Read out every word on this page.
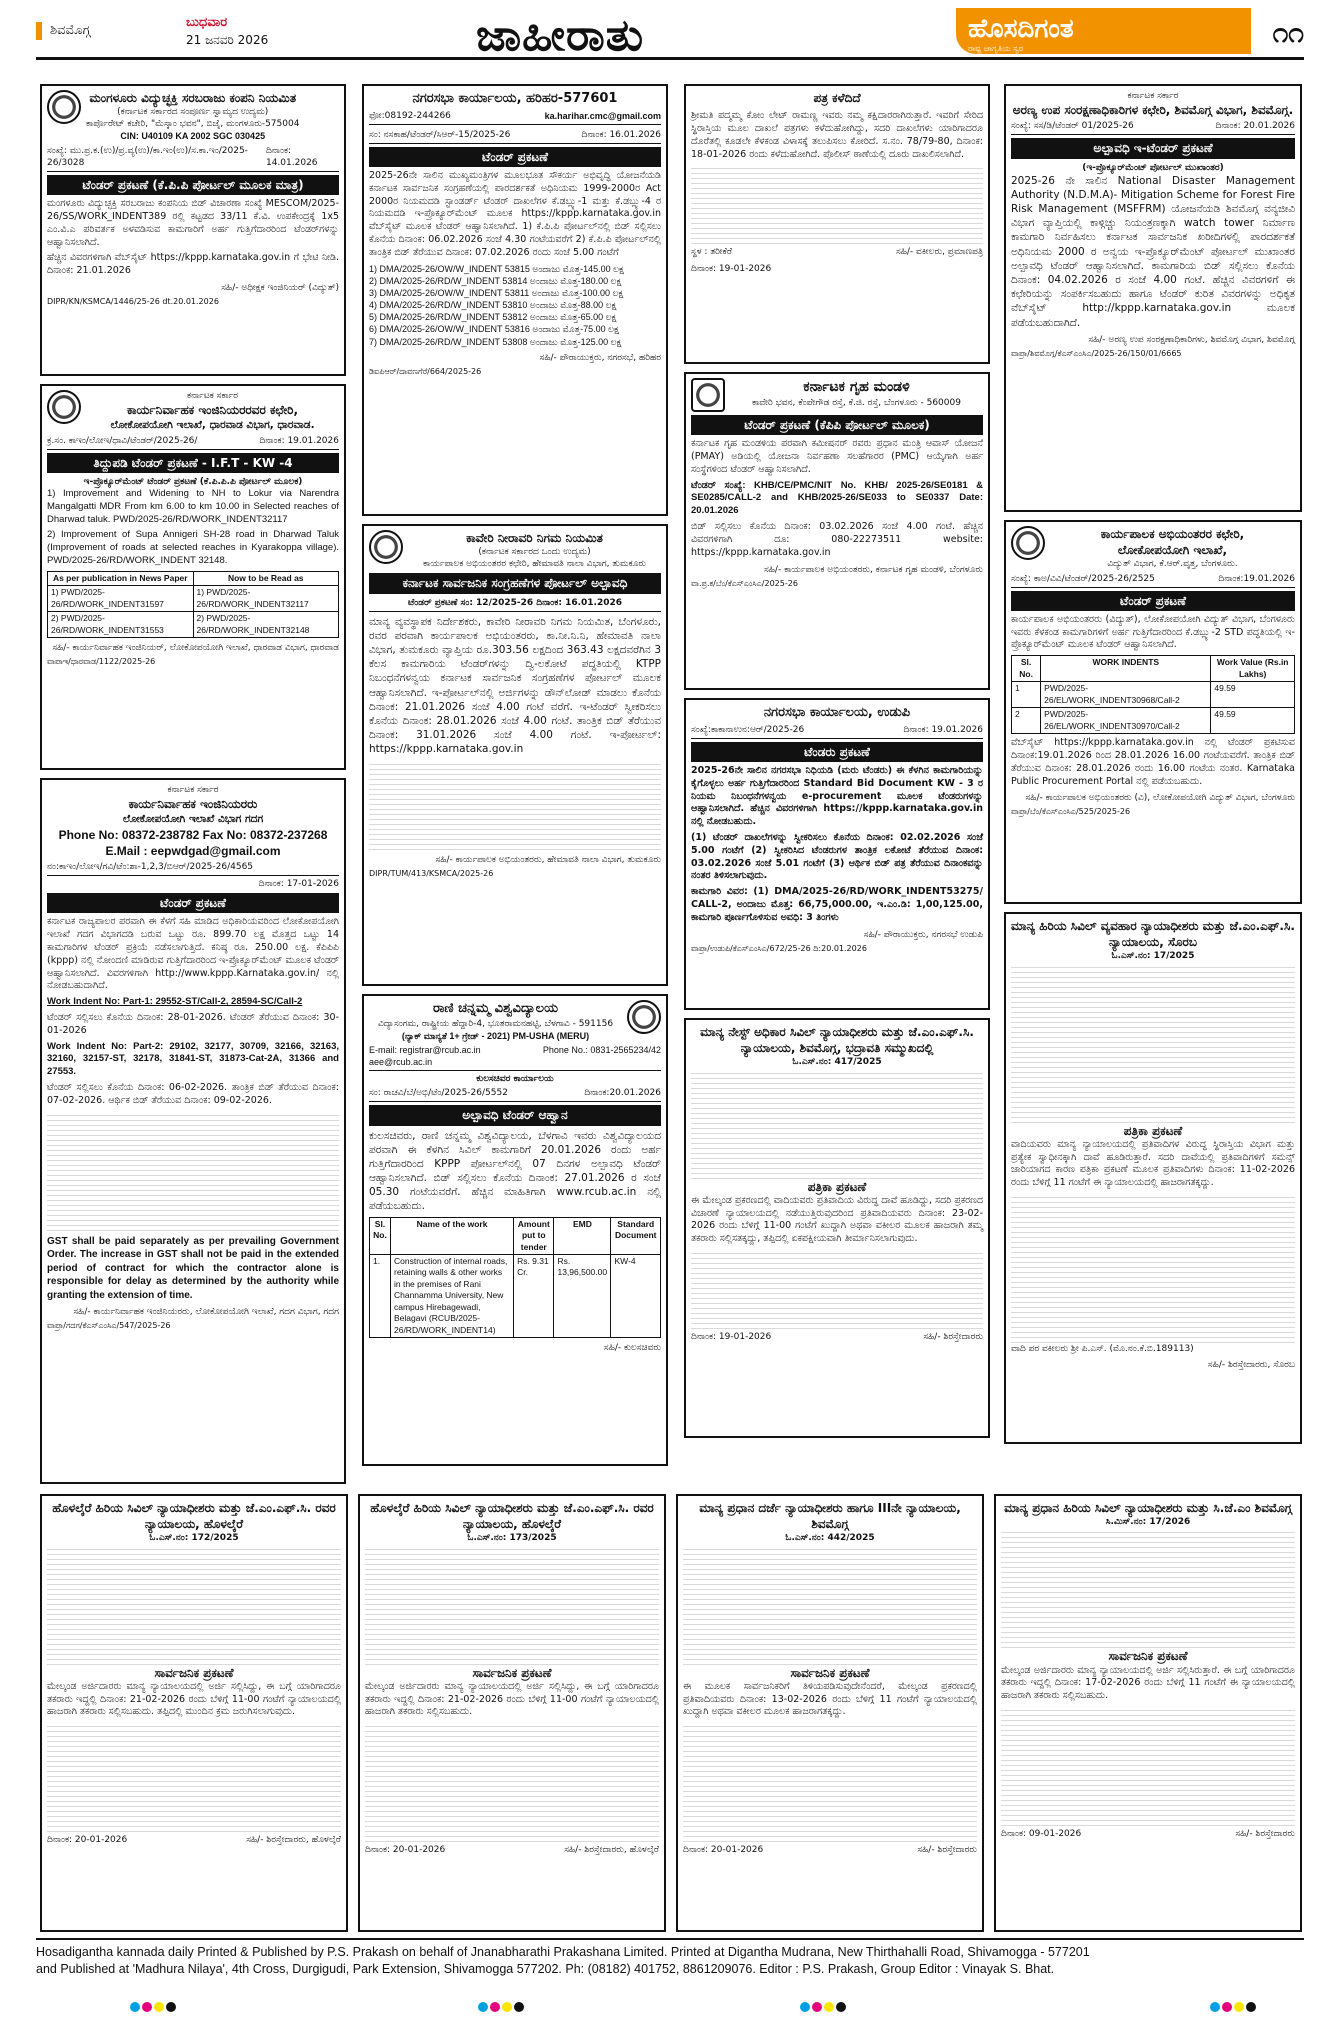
ಶಿವಮೊಗ್ಗ
ಬುಧವಾರ
21 ಜನವರಿ 2026	ಜಾಹೀರಾತು	ಹೊಸದಿಗಂತ
ರಾಷ್ಟ್ರ ಜಾಗೃತಿಯ ಸ್ವರ	೧೧
ಮಂಗಳೂರು ವಿದ್ಯುಚ್ಛಕ್ತಿ ಸರಬರಾಜು ಕಂಪನಿ ನಿಯಮಿತ
(ಕರ್ನಾಟಕ ಸರ್ಕಾರದ ಸಂಪೂರ್ಣ ಸ್ವಾಮ್ಯದ ಉದ್ಯಮ)
ಕಾರ್ಪೊರೇಟ್ ಕಚೇರಿ, "ಮೆಸ್ಕಾಂ ಭವನ", ಬಿಜೈ, ಮಂಗಳೂರು-575004
CIN: U40109 KA 2002 SGC 030425
ಸಂಖ್ಯೆ: ಮು.ಪ್ರ.ಕ.(ಉ)/ಪ್ರ.ವ್ಯ(ಉ)/ಕಾ.ಇಂ(ಉ)/ಸ.ಕಾ.ಇಂ/2025-26/3028
ದಿನಾಂಕ: 14.01.2026
ಟೆಂಡರ್ ಪ್ರಕಟಣೆ (ಕೆ.ಪಿ.ಪಿ ಪೋರ್ಟಲ್ ಮೂಲಕ ಮಾತ್ರ)

ಮಂಗಳೂರು ವಿದ್ಯುಚ್ಛಕ್ತಿ ಸರಬರಾಜು ಕಂಪನಿಯ ಬಿಡ್ ವಿಚಾರಣಾ ಸಂಖ್ಯೆ MESCOM/2025-26/SS/WORK_INDENT389 ರಲ್ಲಿ ಕಟ್ಟಡದ 33/11 ಕೆ.ವಿ. ಉಪಕೇಂದ್ರಕ್ಕೆ 1x5 ಎಂ.ವಿ.ಎ ಪರಿವರ್ತಕ ಅಳವಡಿಸುವ ಕಾಮಗಾರಿಗೆ ಅರ್ಹ ಗುತ್ತಿಗೆದಾರರಿಂದ ಟೆಂಡರ್‌ಗಳನ್ನು ಆಹ್ವಾನಿಸಲಾಗಿದೆ.

ಹೆಚ್ಚಿನ ವಿವರಗಳಿಗಾಗಿ ವೆಬ್‌ಸೈಟ್ https://kppp.karnataka.gov.in ಗೆ ಭೇಟಿ ನೀಡಿ. ದಿನಾಂಕ: 21.01.2026

ಸಹಿ/- ಅಧೀಕ್ಷಕ ಇಂಜಿನಿಯರ್ (ವಿದ್ಯುತ್)
DIPR/KN/KSMCA/1446/25-26 dt.20.01.2026
ಕರ್ನಾಟಕ ಸರ್ಕಾರ
ಕಾರ್ಯನಿರ್ವಾಹಕ ಇಂಜಿನಿಯರರವರ ಕಛೇರಿ,
ಲೋಕೋಪಯೋಗಿ ಇಲಾಖೆ, ಧಾರವಾಡ ವಿಭಾಗ, ಧಾರವಾಡ.
ಕ್ರ.ಸಂ. ಕಾಇಂ/ಲೋಇ/ಧಾವಿ/ಟೆಂಡರ್/2025-26/	ದಿನಾಂಕ: 19.01.2026
ತಿದ್ದುಪಡಿ ಟೆಂಡರ್ ಪ್ರಕಟಣೆ - I.F.T - KW -4
ಇ-ಪ್ರೊಕ್ಯೂರ್‌ಮೆಂಟ್ ಟೆಂಡರ್ ಪ್ರಕಟಣೆ (ಕೆ.ಪಿ.ಪಿ.ಪಿ ಪೋರ್ಟಲ್ ಮೂಲಕ)

1) Improvement and Widening to NH to Lokur via Narendra Mangalgatti MDR From km 6.00 to km 10.00 in Selected reaches of Dharwad taluk. PWD/2025-26/RD/WORK_INDENT32117

2) Improvement of Supa Annigeri SH-28 road in Dharwad Taluk (Improvement of roads at selected reaches in Kyarakoppa village). PWD/2025-26/RD/WORK_INDENT 32148.

As per publication in News Paper	Now to be Read as
1) PWD/2025-26/RD/WORK_INDENT31597	1) PWD/2025-26/RD/WORK_INDENT32117
2) PWD/2025-26/RD/WORK_INDENT31553	2) PWD/2025-26/RD/WORK_INDENT32148
ಸಹಿ/- ಕಾರ್ಯನಿರ್ವಾಹಕ ಇಂಜಿನಿಯರ್, ಲೋಕೋಪಯೋಗಿ ಇಲಾಖೆ, ಧಾರವಾಡ ವಿಭಾಗ, ಧಾರವಾಡ
ವಾಪಾಇ/ಧಾರವಾಡ/1122/2025-26
ಕರ್ನಾಟಕ ಸರ್ಕಾರ
ಕಾರ್ಯನಿರ್ವಾಹಕ ಇಂಜಿನಿಯರರು
ಲೋಕೋಪಯೋಗಿ ಇಲಾಖೆ ವಿಭಾಗ ಗದಗ
Phone No: 08372-238782 Fax No: 08372-237268
E.Mail : eepwdgad@gmail.com
ನಂ:ಕಾಇಂ/ಲೋಇ/ಗವಿ/ಟೆಂ:ಶಾ-1,2,3/ಬಿಆರ್/2025-26/4565
ದಿನಾಂಕ: 17-01-2026
ಟೆಂಡರ್ ಪ್ರಕಟಣೆ

ಕರ್ನಾಟಕ ರಾಜ್ಯಪಾಲರ ಪರವಾಗಿ ಈ ಕೆಳಗೆ ಸಹಿ ಮಾಡಿದ ಅಧಿಕಾರಿಯವರಿಂದ ಲೋಕೋಪಯೋಗಿ ಇಲಾಖೆ ಗದಗ ವಿಭಾಗದಡಿ ಬರುವ ಒಟ್ಟು ರೂ. 899.70 ಲಕ್ಷ ಮೊತ್ತದ ಒಟ್ಟು 14 ಕಾಮಗಾರಿಗಳ ಟೆಂಡರ್ ಪ್ರಕ್ರಿಯೆ ನಡೆಸಲಾಗುತ್ತಿದೆ. ಕನಿಷ್ಠ ರೂ. 250.00 ಲಕ್ಷ. ಕೆಪಿಪಿಪಿ (kppp) ನಲ್ಲಿ ನೋಂದಣಿ ಮಾಡಿರುವ ಗುತ್ತಿಗೆದಾರರಿಂದ ಇ-ಪ್ರೊಕ್ಯೂರ್‌ಮೆಂಟ್ ಮೂಲಕ ಟೆಂಡರ್ ಆಹ್ವಾನಿಸಲಾಗಿದೆ. ವಿವರಗಳಿಗಾಗಿ http://www.kppp.Karnataka.gov.in/ ನಲ್ಲಿ ನೋಡಬಹುದಾಗಿದೆ.

Work Indent No: Part-1: 29552-ST/Call-2, 28594-SC/Call-2

ಟೆಂಡರ್ ಸಲ್ಲಿಸಲು ಕೊನೆಯ ದಿನಾಂಕ: 28-01-2026. ಟೆಂಡರ್ ತೆರೆಯುವ ದಿನಾಂಕ: 30-01-2026

Work Indent No: Part-2: 29102, 32177, 30709, 32166, 32163, 32160, 32157-ST, 32178, 31841-ST, 31873-Cat-2A, 31366 and 27553.

ಟೆಂಡರ್ ಸಲ್ಲಿಸಲು ಕೊನೆಯ ದಿನಾಂಕ: 06-02-2026. ತಾಂತ್ರಿಕ ಬಿಡ್ ತೆರೆಯುವ ದಿನಾಂಕ: 07-02-2026. ಆರ್ಥಿಕ ಬಿಡ್ ತೆರೆಯುವ ದಿನಾಂಕ: 09-02-2026.

GST shall be paid separately as per prevailing Government Order. The increase in GST shall not be paid in the extended period of contract for which the contractor alone is responsible for delay as determined by the authority while granting the extension of time.

ಸಹಿ/- ಕಾರ್ಯನಿರ್ವಾಹಕ ಇಂಜಿನಿಯರರು, ಲೋಕೋಪಯೋಗಿ ಇಲಾಖೆ, ಗದಗ ವಿಭಾಗ, ಗದಗ
ವಾಪ್ರಾ/ಗದಗ/ಕೆಎಸ್‌ಎಂಸಿಎ/547/2025-26
ನಗರಸಭಾ ಕಾರ್ಯಾಲಯ, ಹರಿಹರ-577601
ಫೋ:08192-244266	ka.harihar.cmc@gmail.com
ಸಂ: ನಸಕಾಹ/ಟೆಂಡರ್/ಸಿಆರ್-15/2025-26	ದಿನಾಂಕ: 16.01.2026
ಟೆಂಡರ್ ಪ್ರಕಟಣೆ

2025-26ನೇ ಸಾಲಿನ ಮುಖ್ಯಮಂತ್ರಿಗಳ ಮೂಲಭೂತ ಸೌಕರ್ಯ ಅಭಿವೃದ್ಧಿ ಯೋಜನೆಯಡಿ ಕರ್ನಾಟಕ ಸಾರ್ವಜನಿಕ ಸಂಗ್ರಹಣೆಯಲ್ಲಿ ಪಾರದರ್ಶಕತೆ ಅಧಿನಿಯಮ 1999-2000ರ Act 2000ರ ನಿಯಮದಡಿ ಸ್ಟಾಂಡರ್ಡ್ ಟೆಂಡರ್ ದಾಖಲೆಗಳ ಕೆ.ಡಬ್ಲ್ಯು-1 ಮತ್ತು ಕೆ.ಡಬ್ಲ್ಯು-4 ರ ನಿಯಮದಡಿ ಇ-ಪ್ರೊಕ್ಯೂರ್‌ಮೆಂಟ್ ಮೂಲಕ https://kppp.karnataka.gov.in ವೆಬ್‌ಸೈಟ್ ಮೂಲಕ ಟೆಂಡರ್ ಆಹ್ವಾನಿಸಲಾಗಿದೆ. 1) ಕೆ.ಪಿ.ಪಿ ಪೋರ್ಟಲ್‌ನಲ್ಲಿ ಬಿಡ್ ಸಲ್ಲಿಸಲು ಕೊನೆಯ ದಿನಾಂಕ: 06.02.2026 ಸಂಜೆ 4.30 ಗಂಟೆಯವರೆಗೆ 2) ಕೆ.ಪಿ.ಪಿ ಪೋರ್ಟಲ್‌ನಲ್ಲಿ ತಾಂತ್ರಿಕ ಬಿಡ್ ತೆರೆಯುವ ದಿನಾಂಕ: 07.02.2026 ರಂದು ಸಂಜೆ 5.00 ಗಂಟೆಗೆ

1) DMA/2025-26/OW/W_INDENT 53815 ಅಂದಾಜು ಮೊತ್ತ-145.00 ಲಕ್ಷ
2) DMA/2025-26/RD/W_INDENT 53814 ಅಂದಾಜು ಮೊತ್ತ-180.00 ಲಕ್ಷ
3) DMA/2025-26/OW/W_INDENT 53811 ಅಂದಾಜು ಮೊತ್ತ-100.00 ಲಕ್ಷ
4) DMA/2025-26/RD/W_INDENT 53810 ಅಂದಾಜು ಮೊತ್ತ-88.00 ಲಕ್ಷ
5) DMA/2025-26/RD/W_INDENT 53812 ಅಂದಾಜು ಮೊತ್ತ-65.00 ಲಕ್ಷ
6) DMA/2025-26/OW/W_INDENT 53816 ಅಂದಾಜು ಮೊತ್ತ-75.00 ಲಕ್ಷ
7) DMA/2025-26/RD/W_INDENT 53808 ಅಂದಾಜು ಮೊತ್ತ-125.00 ಲಕ್ಷ
ಸಹಿ/- ಪೌರಾಯುಕ್ತರು, ನಗರಸಭೆ, ಹರಿಹರ
ಡಿಐಪಿಆರ್/ದಾವಣಗೆರೆ/664/2025-26
ಕಾವೇರಿ ನೀರಾವರಿ ನಿಗಮ ನಿಯಮಿತ
(ಕರ್ನಾಟಕ ಸರ್ಕಾರದ ಒಂದು ಉದ್ಯಮ)
ಕಾರ್ಯಪಾಲಕ ಅಭಿಯಂತರರ ಕಛೇರಿ, ಹೇಮಾವತಿ ನಾಲಾ ವಿಭಾಗ, ತುಮಕೂರು
ಕರ್ನಾಟಕ ಸಾರ್ವಜನಿಕ ಸಂಗ್ರಹಣೆಗಳ ಪೋರ್ಟಲ್ ಅಲ್ಪಾವಧಿ
ಟೆಂಡರ್ ಪ್ರಕಟಣೆ ಸಂ: 12/2025-26 ದಿನಾಂಕ: 16.01.2026

ಮಾನ್ಯ ವ್ಯವಸ್ಥಾಪಕ ನಿರ್ದೇಶಕರು, ಕಾವೇರಿ ನೀರಾವರಿ ನಿಗಮ ನಿಯಮಿತ, ಬೆಂಗಳೂರು, ರವರ ಪರವಾಗಿ ಕಾರ್ಯಪಾಲಕ ಅಭಿಯಂತರರು, ಕಾ.ನೀ.ನಿ.ನಿ, ಹೇಮಾವತಿ ನಾಲಾ ವಿಭಾಗ, ತುಮಕೂರು ವ್ಯಾಪ್ತಿಯ ರೂ.303.56 ಲಕ್ಷದಿಂದ 363.43 ಲಕ್ಷದವರೆಗಿನ 3 ಕೆಲಸ ಕಾಮಗಾರಿಯ ಟೆಂಡರ್‌ಗಳನ್ನು ದ್ವಿ-ಲಕೋಟೆ ಪದ್ಧತಿಯಲ್ಲಿ KTPP ನಿಬಂಧನೆಗಳನ್ವಯ ಕರ್ನಾಟಕ ಸಾರ್ವಜನಿಕ ಸಂಗ್ರಹಣೆಗಳ ಪೋರ್ಟಲ್ ಮೂಲಕ ಆಹ್ವಾನಿಸಲಾಗಿದೆ. ಇ-ಪೋರ್ಟಲ್‌ನಲ್ಲಿ ಅರ್ಜಿಗಳನ್ನು ಡೌನ್‌ಲೋಡ್ ಮಾಡಲು ಕೊನೆಯ ದಿನಾಂಕ: 21.01.2026 ಸಂಜೆ 4.00 ಗಂಟೆ ವರೆಗೆ. ಇ-ಟೆಂಡರ್ ಸ್ವೀಕರಿಸಲು ಕೊನೆಯ ದಿನಾಂಕ: 28.01.2026 ಸಂಜೆ 4.00 ಗಂಟೆ. ತಾಂತ್ರಿಕ ಬಿಡ್ ತೆರೆಯುವ ದಿನಾಂಕ: 31.01.2026 ಸಂಜೆ 4.00 ಗಂಟೆ. ಇ-ಪೋರ್ಟಲ್: https://kppp.karnataka.gov.in

ಸಹಿ/- ಕಾರ್ಯಪಾಲಕ ಅಭಿಯಂತರರು, ಹೇಮಾವತಿ ನಾಲಾ ವಿಭಾಗ, ತುಮಕೂರು
DIPR/TUM/413/KSMCA/2025-26
ರಾಣಿ ಚನ್ನಮ್ಮ ವಿಶ್ವವಿದ್ಯಾಲಯ
ವಿದ್ಯಾಸಂಗಮ, ರಾಷ್ಟ್ರೀಯ ಹೆದ್ದಾರಿ-4, ಭೂತರಾಮನಹಟ್ಟಿ, ಬೆಳಗಾವಿ - 591156
(ನ್ಯಾಕ್ ಮಾನ್ಯತೆ 1+ ಗ್ರೇಡ್ - 2021) PM-USHA (MERU)
E-mail: registrar@rcub.ac.in
aee@rcub.ac.in
Phone No.: 0831-2565234/42
ಕುಲಸಚಿವರ ಕಾರ್ಯಾಲಯ
ಸಂ: ರಾಚವಿ/ಬೆ/ಅಭಿ/ಟೆಂ/2025-26/5552	ದಿನಾಂಕ:20.01.2026
ಅಲ್ಪಾವಧಿ ಟೆಂಡರ್ ಆಹ್ವಾನ

ಕುಲಸಚಿವರು, ರಾಣಿ ಚನ್ನಮ್ಮ ವಿಶ್ವವಿದ್ಯಾಲಯ, ಬೆಳಗಾವಿ ಇವರು ವಿಶ್ವವಿದ್ಯಾಲಯದ ಪರವಾಗಿ ಈ ಕೆಳಗಿನ ಸಿವಿಲ್ ಕಾಮಗಾರಿಗೆ 20.01.2026 ರಂದು ಅರ್ಹ ಗುತ್ತಿಗೆದಾರರಿಂದ KPPP ಪೋರ್ಟಲ್‌ನಲ್ಲಿ 07 ದಿನಗಳ ಅಲ್ಪಾವಧಿ ಟೆಂಡರ್ ಆಹ್ವಾನಿಸಲಾಗಿದೆ. ಬಿಡ್ ಸಲ್ಲಿಸಲು ಕೊನೆಯ ದಿನಾಂಕ: 27.01.2026 ರ ಸಂಜೆ 05.30 ಗಂಟೆಯವರೆಗೆ. ಹೆಚ್ಚಿನ ಮಾಹಿತಿಗಾಗಿ www.rcub.ac.in ನಲ್ಲಿ ಪಡೆಯಬಹುದು.

Sl. No.	Name of the work	Amount put to tender	EMD	Standard Document
1.	Construction of internal roads, retaining walls & other works in the premises of Rani Channamma University, New campus Hirebagewadi, Belagavi (RCUB/2025-26/RD/WORK_INDENT14)	Rs. 9.31 Cr.	Rs. 13,96,500.00	KW-4
ಸಹಿ/- ಕುಲಸಚಿವರು
ಪತ್ರ ಕಳೆದಿದೆ

ಶ್ರೀಮತಿ ಪದ್ಮಮ್ಮ ಕೋಂ ಲೇಟ್ ರಾಮಣ್ಣ ಇವರು ನಮ್ಮ ಕಕ್ಷಿದಾರರಾಗಿರುತ್ತಾರೆ. ಇವರಿಗೆ ಸೇರಿದ ಸ್ಥಿರಾಸ್ತಿಯ ಮೂಲ ದಾಖಲೆ ಪತ್ರಗಳು ಕಳೆದುಹೋಗಿದ್ದು, ಸದರಿ ದಾಖಲೆಗಳು ಯಾರಿಗಾದರೂ ದೊರೆತಲ್ಲಿ ಕೂಡಲೇ ಕೆಳಕಂಡ ವಿಳಾಸಕ್ಕೆ ತಲುಪಿಸಲು ಕೋರಿದೆ. ಸ.ನಂ. 78/79-80, ದಿನಾಂಕ: 18-01-2026 ರಂದು ಕಳೆದುಹೋಗಿದೆ. ಪೊಲೀಸ್ ಠಾಣೆಯಲ್ಲಿ ದೂರು ದಾಖಲಿಸಲಾಗಿದೆ.

ಸ್ಥಳ : ತರೀಕೆರೆ	ಸಹಿ/- ವಕೀಲರು, ಪ್ರಮಾಣಪತ್ರಿ
ದಿನಾಂಕ: 19-01-2026
ಕರ್ನಾಟಕ ಗೃಹ ಮಂಡಳಿ
ಕಾವೇರಿ ಭವನ, ಕೆಂಪೇಗೌಡ ರಸ್ತೆ, ಕೆ.ಜಿ. ರಸ್ತೆ, ಬೆಂಗಳೂರು - 560009
ಟೆಂಡರ್ ಪ್ರಕಟಣೆ (ಕೆಪಿಪಿ ಪೋರ್ಟಲ್ ಮೂಲಕ)

ಕರ್ನಾಟಕ ಗೃಹ ಮಂಡಳಿಯ ಪರವಾಗಿ ಕಮೀಷನರ್ ರವರು ಪ್ರಧಾನ ಮಂತ್ರಿ ಆವಾಸ್ ಯೋಜನೆ (PMAY) ಅಡಿಯಲ್ಲಿ ಯೋಜನಾ ನಿರ್ವಹಣಾ ಸಲಹೆಗಾರರ (PMC) ಆಯ್ಕೆಗಾಗಿ ಅರ್ಹ ಸಂಸ್ಥೆಗಳಿಂದ ಟೆಂಡರ್ ಆಹ್ವಾನಿಸಲಾಗಿದೆ.

ಟೆಂಡರ್ ಸಂಖ್ಯೆ: KHB/CE/PMC/NIT No. KHB/ 2025-26/SE0181 & SE0285/CALL-2 and KHB/2025-26/SE033 to SE0337 Date: 20.01.2026

ಬಿಡ್ ಸಲ್ಲಿಸಲು ಕೊನೆಯ ದಿನಾಂಕ: 03.02.2026 ಸಂಜೆ 4.00 ಗಂಟೆ. ಹೆಚ್ಚಿನ ವಿವರಗಳಿಗಾಗಿ ದೂ: 080-22273511 website: https://kppp.karnataka.gov.in

ಸಹಿ/- ಕಾರ್ಯಪಾಲಕ ಅಭಿಯಂತರರು, ಕರ್ನಾಟಕ ಗೃಹ ಮಂಡಳಿ, ಬೆಂಗಳೂರು
ವಾ.ಪ್ರ.ಕ/ಬೆಂ/ಕೆಎಸ್‌ಎಂಸಿಎ/2025-26
ನಗರಸಭಾ ಕಾರ್ಯಾಲಯ, ಉಡುಪಿ
ಸಂಖ್ಯೆ:ಕಾಕಾನಾಉನ:ಆರ್/2025-26	ದಿನಾಂಕ: 19.01.2026
ಟೆಂಡರು ಪ್ರಕಟಣೆ

2025-26ನೇ ಸಾಲಿನ ನಗರಸಭಾ ನಿಧಿಯಡಿ (ಮರು ಟೆಂಡರು) ಈ ಕೆಳಗಿನ ಕಾಮಗಾರಿಯನ್ನು ಕೈಗೊಳ್ಳಲು ಅರ್ಹ ಗುತ್ತಿಗೆದಾರರಿಂದ Standard Bid Document KW - 3 ರ ನಿಯಮ ನಿಬಂಧನೆಗಳನ್ವಯ e-procurement ಮೂಲಕ ಟೆಂಡರುಗಳನ್ನು ಆಹ್ವಾನಿಸಲಾಗಿದೆ. ಹೆಚ್ಚಿನ ವಿವರಗಳಿಗಾಗಿ https://kppp.karnataka.gov.in ನಲ್ಲಿ ನೋಡಬಹುದು.

(1) ಟೆಂಡರ್ ದಾಖಲೆಗಳನ್ನು ಸ್ವೀಕರಿಸಲು ಕೊನೆಯ ದಿನಾಂಕ: 02.02.2026 ಸಂಜೆ 5.00 ಗಂಟೆಗೆ (2) ಸ್ವೀಕರಿಸಿದ ಟೆಂಡರುಗಳ ತಾಂತ್ರಿಕ ಲಕೋಟೆ ತೆರೆಯುವ ದಿನಾಂಕ: 03.02.2026 ಸಂಜೆ 5.01 ಗಂಟೆಗೆ (3) ಆರ್ಥಿಕ ಬಿಡ್ ಪತ್ರ ತೆರೆಯುವ ದಿನಾಂಕವನ್ನು ನಂತರ ತಿಳಿಸಲಾಗುವುದು.

ಕಾಮಗಾರಿ ವಿವರ: (1) DMA/2025-26/RD/WORK_INDENT53275/ CALL-2, ಅಂದಾಜು ಮೊತ್ತ: 66,75,000.00, ಇ.ಎಂ.ಡಿ: 1,00,125.00, ಕಾಮಗಾರಿ ಪೂರ್ಣಗೊಳಿಸುವ ಅವಧಿ: 3 ತಿಂಗಳು

ಸಹಿ/- ಪೌರಾಯುಕ್ತರು, ನಗರಸಭೆ ಉಡುಪಿ
ವಾಪ್ರಾ/ಉಡುಪಿ/ಕೆಎಸ್‌ಎಂಸಿಎ/672/25-26 ದಿ:20.01.2026
ಮಾನ್ಯ ನೇಸ್ಟ್ ಅಧಿಕಾರ ಸಿವಿಲ್ ನ್ಯಾಯಾಧೀಶರು ಮತ್ತು ಜೆ.ಎಂ.ಎಫ್.ಸಿ. ನ್ಯಾಯಾಲಯ, ಶಿವಮೊಗ್ಗ, ಭದ್ರಾವತಿ ಸಮ್ಮುಖದಲ್ಲಿ
ಓ.ಎಸ್.ನಂ: 417/2025
ಪತ್ರಿಕಾ ಪ್ರಕಟಣೆ

ಈ ಮೇಲ್ಕಂಡ ಪ್ರಕರಣದಲ್ಲಿ ವಾದಿಯವರು ಪ್ರತಿವಾದಿಯ ವಿರುದ್ಧ ದಾವೆ ಹೂಡಿದ್ದು, ಸದರಿ ಪ್ರಕರಣದ ವಿಚಾರಣೆ ನ್ಯಾಯಾಲಯದಲ್ಲಿ ನಡೆಯುತ್ತಿರುವುದರಿಂದ ಪ್ರತಿವಾದಿಯವರು ದಿನಾಂಕ: 23-02-2026 ರಂದು ಬೆಳಿಗ್ಗೆ 11-00 ಗಂಟೆಗೆ ಖುದ್ದಾಗಿ ಅಥವಾ ವಕೀಲರ ಮೂಲಕ ಹಾಜರಾಗಿ ತಮ್ಮ ತಕರಾರು ಸಲ್ಲಿಸತಕ್ಕದ್ದು, ತಪ್ಪಿದಲ್ಲಿ ಏಕಪಕ್ಷೀಯವಾಗಿ ತೀರ್ಮಾನಿಸಲಾಗುವುದು.

ದಿನಾಂಕ: 19-01-2026	ಸಹಿ/- ಶಿರಸ್ತೇದಾರರು
ಕರ್ನಾಟಕ ಸರ್ಕಾರ
ಅರಣ್ಯ ಉಪ ಸಂರಕ್ಷಣಾಧಿಕಾರಿಗಳ ಕಛೇರಿ, ಶಿವಮೊಗ್ಗ ವಿಭಾಗ, ಶಿವಮೊಗ್ಗ.
ಸಂಖ್ಯೆ: ಸಸ/ಡಿ/ಟೆಂಡರ್ 01/2025-26	ದಿನಾಂಕ: 20.01.2026
ಅಲ್ಪಾವಧಿ ಇ-ಟೆಂಡರ್ ಪ್ರಕಟಣೆ
(ಇ-ಪ್ರೊಕ್ಯೂರ್‌ಮೆಂಟ್ ಪೋರ್ಟಲ್ ಮುಖಾಂತರ)

2025-26 ನೇ ಸಾಲಿನ National Disaster Management Authority (N.D.M.A)- Mitigation Scheme for Forest Fire Risk Management (MSFFRM) ಯೋಜನೆಯಡಿ ಶಿವಮೊಗ್ಗ ವನ್ಯಜೀವಿ ವಿಭಾಗ ವ್ಯಾಪ್ತಿಯಲ್ಲಿ ಕಾಳ್ಗಿಚ್ಚು ನಿಯಂತ್ರಣಕ್ಕಾಗಿ watch tower ನಿರ್ಮಾಣ ಕಾಮಗಾರಿ ನಿರ್ವಹಿಸಲು ಕರ್ನಾಟಕ ಸಾರ್ವಜನಿಕ ಖರೀದಿಗಳಲ್ಲಿ ಪಾರದರ್ಶಕತೆ ಅಧಿನಿಯಮ 2000 ರ ಅನ್ವಯ ಇ-ಪ್ರೊಕ್ಯೂರ್‌ಮೆಂಟ್ ಪೋರ್ಟಲ್ ಮುಖಾಂತರ ಅಲ್ಪಾವಧಿ ಟೆಂಡರ್ ಆಹ್ವಾನಿಸಲಾಗಿದೆ. ಕಾಮಗಾರಿಯ ಬಿಡ್ ಸಲ್ಲಿಸಲು ಕೊನೆಯ ದಿನಾಂಕ: 04.02.2026 ರ ಸಂಜೆ 4.00 ಗಂಟೆ. ಹೆಚ್ಚಿನ ವಿವರಗಳಿಗೆ ಈ ಕಛೇರಿಯನ್ನು ಸಂಪರ್ಕಿಸಬಹುದು ಹಾಗೂ ಟೆಂಡರ್ ಕುರಿತ ವಿವರಗಳನ್ನು ಅಧಿಕೃತ ವೆಬ್‌ಸೈಟ್ http://kppp.karnataka.gov.in ಮೂಲಕ ಪಡೆಯಬಹುದಾಗಿದೆ.

ಸಹಿ/- ಅರಣ್ಯ ಉಪ ಸಂರಕ್ಷಣಾಧಿಕಾರಿಗಳು, ಶಿವಮೊಗ್ಗ ವಿಭಾಗ, ಶಿವಮೊಗ್ಗ
ವಾಪ್ರಾ/ಶಿವಮೊಗ್ಗ/ಕೆಎಸ್‌ಎಂಸಿಎ/2025-26/150/01/6665
ಕಾರ್ಯಪಾಲಕ ಅಭಿಯಂತರರ ಕಛೇರಿ,
ಲೋಕೋಪಯೋಗಿ ಇಲಾಖೆ,
ವಿದ್ಯುತ್ ವಿಭಾಗ, ಕೆ.ಆರ್.ವೃತ್ತ, ಬೆಂಗಳೂರು.
ಸಂಖ್ಯೆ: ಕಾಅ/ವಿವಿ/ಟೆಂಡರ್/2025-26/2525	ದಿನಾಂಕ:19.01.2026
ಟೆಂಡರ್ ಪ್ರಕಟಣೆ

ಕಾರ್ಯಪಾಲಕ ಅಭಿಯಂತರರು (ವಿದ್ಯುತ್), ಲೋಕೋಪಯೋಗಿ ವಿದ್ಯುತ್ ವಿಭಾಗ, ಬೆಂಗಳೂರು ಇವರು ಕೆಳಕಂಡ ಕಾಮಗಾರಿಗಳಿಗೆ ಅರ್ಹ ಗುತ್ತಿಗೆದಾರರಿಂದ ಕೆ.ಡಬ್ಲ್ಯು-2 STD ಪದ್ಧತಿಯಲ್ಲಿ ಇ-ಪ್ರೊಕ್ಯೂರ್‌ಮೆಂಟ್ ಮೂಲಕ ಟೆಂಡರ್ ಆಹ್ವಾನಿಸಲಾಗಿದೆ.

Sl. No.	WORK INDENTS	Work Value (Rs.in Lakhs)
1	PWD/2025-26/EL/WORK_INDENT30968/Call-2	49.59
2	PWD/2025-26/EL/WORK_INDENT30970/Call-2	49.59

ವೆಬ್‌ಸೈಟ್ https://kppp.karnataka.gov.in ನಲ್ಲಿ ಟೆಂಡರ್ ಪ್ರಕಟಿಸುವ ದಿನಾಂಕ:19.01.2026 ರಿಂದ 28.01.2026 16.00 ಗಂಟೆಯವರೆಗೆ. ತಾಂತ್ರಿಕ ಬಿಡ್ ತೆರೆಯುವ ದಿನಾಂಕ: 28.01.2026 ರಂದು 16.00 ಗಂಟೆಯ ನಂತರ. Karnataka Public Procurement Portal ನಲ್ಲಿ ಪಡೆಯಬಹುದು.

ಸಹಿ/- ಕಾರ್ಯಪಾಲಕ ಅಭಿಯಂತರರು (ವಿ), ಲೋಕೋಪಯೋಗಿ ವಿದ್ಯುತ್ ವಿಭಾಗ, ಬೆಂಗಳೂರು
ವಾಪ್ರಾ/ಬೆಂ/ಕೆಎಸ್‌ಎಂಸಿಎ/525/2025-26
ಮಾನ್ಯ ಹಿರಿಯ ಸಿವಿಲ್ ವ್ಯವಹಾರ ನ್ಯಾಯಾಧೀಶರು ಮತ್ತು ಜೆ.ಎಂ.ಎಫ್.ಸಿ. ನ್ಯಾಯಾಲಯ, ಸೊರಬ
ಓ.ಎಸ್.ನಂ: 17/2025
ಪತ್ರಿಕಾ ಪ್ರಕಟಣೆ

ವಾದಿಯವರು ಮಾನ್ಯ ನ್ಯಾಯಾಲಯದಲ್ಲಿ ಪ್ರತಿವಾದಿಗಳ ವಿರುದ್ಧ ಸ್ಥಿರಾಸ್ತಿಯ ವಿಭಾಗ ಮತ್ತು ಪ್ರತ್ಯೇಕ ಸ್ವಾಧೀನಕ್ಕಾಗಿ ದಾವೆ ಹೂಡಿರುತ್ತಾರೆ. ಸದರಿ ದಾವೆಯಲ್ಲಿ ಪ್ರತಿವಾದಿಗಳಿಗೆ ಸಮನ್ಸ್ ಜಾರಿಯಾಗದ ಕಾರಣ ಪತ್ರಿಕಾ ಪ್ರಕಟಣೆ ಮೂಲಕ ಪ್ರತಿವಾದಿಗಳು ದಿನಾಂಕ: 11-02-2026 ರಂದು ಬೆಳಿಗ್ಗೆ 11 ಗಂಟೆಗೆ ಈ ನ್ಯಾಯಾಲಯದಲ್ಲಿ ಹಾಜರಾಗತಕ್ಕದ್ದು.

ವಾದಿ ಪರ ವಕೀಲರು ಶ್ರೀ ಪಿ.ಎಸ್. (ಮೊ.ನಂ.ಕೆ.ಬಿ.189113)

ಸಹಿ/- ಶಿರಸ್ತೇದಾರರು, ಸೊರಬ
ಹೊಳಲ್ಕೆರೆ ಹಿರಿಯ ಸಿವಿಲ್ ನ್ಯಾಯಾಧೀಶರು ಮತ್ತು ಜೆ.ಎಂ.ಎಫ್.ಸಿ. ರವರ ನ್ಯಾಯಾಲಯ, ಹೊಳಲ್ಕೆರೆ
ಓ.ಎಸ್.ನಂ: 172/2025
ಸಾರ್ವಜನಿಕ ಪ್ರಕಟಣೆ

ಮೇಲ್ಕಂಡ ಅರ್ಜಿದಾರರು ಮಾನ್ಯ ನ್ಯಾಯಾಲಯದಲ್ಲಿ ಅರ್ಜಿ ಸಲ್ಲಿಸಿದ್ದು, ಈ ಬಗ್ಗೆ ಯಾರಿಗಾದರೂ ತಕರಾರು ಇದ್ದಲ್ಲಿ ದಿನಾಂಕ: 21-02-2026 ರಂದು ಬೆಳಿಗ್ಗೆ 11-00 ಗಂಟೆಗೆ ನ್ಯಾಯಾಲಯದಲ್ಲಿ ಹಾಜರಾಗಿ ತಕರಾರು ಸಲ್ಲಿಸಬಹುದು. ತಪ್ಪಿದಲ್ಲಿ ಮುಂದಿನ ಕ್ರಮ ಜರುಗಿಸಲಾಗುವುದು.

ದಿನಾಂಕ: 20-01-2026	ಸಹಿ/- ಶಿರಸ್ತೇದಾರರು, ಹೊಳಲ್ಕೆರೆ
ಹೊಳಲ್ಕೆರೆ ಹಿರಿಯ ಸಿವಿಲ್ ನ್ಯಾಯಾಧೀಶರು ಮತ್ತು ಜೆ.ಎಂ.ಎಫ್.ಸಿ. ರವರ ನ್ಯಾಯಾಲಯ, ಹೊಳಲ್ಕೆರೆ
ಓ.ಎಸ್.ನಂ: 173/2025
ಸಾರ್ವಜನಿಕ ಪ್ರಕಟಣೆ

ಮೇಲ್ಕಂಡ ಅರ್ಜಿದಾರರು ಮಾನ್ಯ ನ್ಯಾಯಾಲಯದಲ್ಲಿ ಅರ್ಜಿ ಸಲ್ಲಿಸಿದ್ದು, ಈ ಬಗ್ಗೆ ಯಾರಿಗಾದರೂ ತಕರಾರು ಇದ್ದಲ್ಲಿ ದಿನಾಂಕ: 21-02-2026 ರಂದು ಬೆಳಿಗ್ಗೆ 11-00 ಗಂಟೆಗೆ ನ್ಯಾಯಾಲಯದಲ್ಲಿ ಹಾಜರಾಗಿ ತಕರಾರು ಸಲ್ಲಿಸಬಹುದು.

ದಿನಾಂಕ: 20-01-2026	ಸಹಿ/- ಶಿರಸ್ತೇದಾರರು, ಹೊಳಲ್ಕೆರೆ
ಮಾನ್ಯ ಪ್ರಧಾನ ದರ್ಜೆ ನ್ಯಾಯಾಧೀಶರು ಹಾಗೂ IIIನೇ ನ್ಯಾಯಾಲಯ, ಶಿವಮೊಗ್ಗ
ಓ.ಎಸ್.ನಂ: 442/2025
ಸಾರ್ವಜನಿಕ ಪ್ರಕಟಣೆ

ಈ ಮೂಲಕ ಸಾರ್ವಜನಿಕರಿಗೆ ತಿಳಿಯಪಡಿಸುವುದೇನೆಂದರೆ, ಮೇಲ್ಕಂಡ ಪ್ರಕರಣದಲ್ಲಿ ಪ್ರತಿವಾದಿಯವರು ದಿನಾಂಕ: 13-02-2026 ರಂದು ಬೆಳಿಗ್ಗೆ 11 ಗಂಟೆಗೆ ನ್ಯಾಯಾಲಯದಲ್ಲಿ ಖುದ್ದಾಗಿ ಅಥವಾ ವಕೀಲರ ಮೂಲಕ ಹಾಜರಾಗತಕ್ಕದ್ದು.

ದಿನಾಂಕ: 20-01-2026	ಸಹಿ/- ಶಿರಸ್ತೇದಾರರು
ಮಾನ್ಯ ಪ್ರಧಾನ ಹಿರಿಯ ಸಿವಿಲ್ ನ್ಯಾಯಾಧೀಶರು ಮತ್ತು ಸಿ.ಜೆ.ಎಂ ಶಿವಮೊಗ್ಗ
ಸಿ.ಮಿಸ್.ನಂ: 17/2026
ಸಾರ್ವಜನಿಕ ಪ್ರಕಟಣೆ

ಮೇಲ್ಕಂಡ ಅರ್ಜಿದಾರರು ಮಾನ್ಯ ನ್ಯಾಯಾಲಯದಲ್ಲಿ ಅರ್ಜಿ ಸಲ್ಲಿಸಿರುತ್ತಾರೆ. ಈ ಬಗ್ಗೆ ಯಾರಿಗಾದರೂ ತಕರಾರು ಇದ್ದಲ್ಲಿ ದಿನಾಂಕ: 17-02-2026 ರಂದು ಬೆಳಿಗ್ಗೆ 11 ಗಂಟೆಗೆ ಈ ನ್ಯಾಯಾಲಯದಲ್ಲಿ ಹಾಜರಾಗಿ ತಕರಾರು ಸಲ್ಲಿಸಬಹುದು.

ದಿನಾಂಕ: 09-01-2026	ಸಹಿ/- ಶಿರಸ್ತೇದಾರರು
Hosadigantha kannada daily Printed & Published by P.S. Prakash on behalf of Jnanabharathi Prakashana Limited. Printed at Digantha Mudrana, New Thirthahalli Road, Shivamogga - 577201
and Published at 'Madhura Nilaya', 4th Cross, Durgigudi, Park Extension, Shivamogga 577202. Ph: (08182) 401752, 8861209076. Editor : P.S. Prakash, Group Editor : Vinayak S. Bhat.
